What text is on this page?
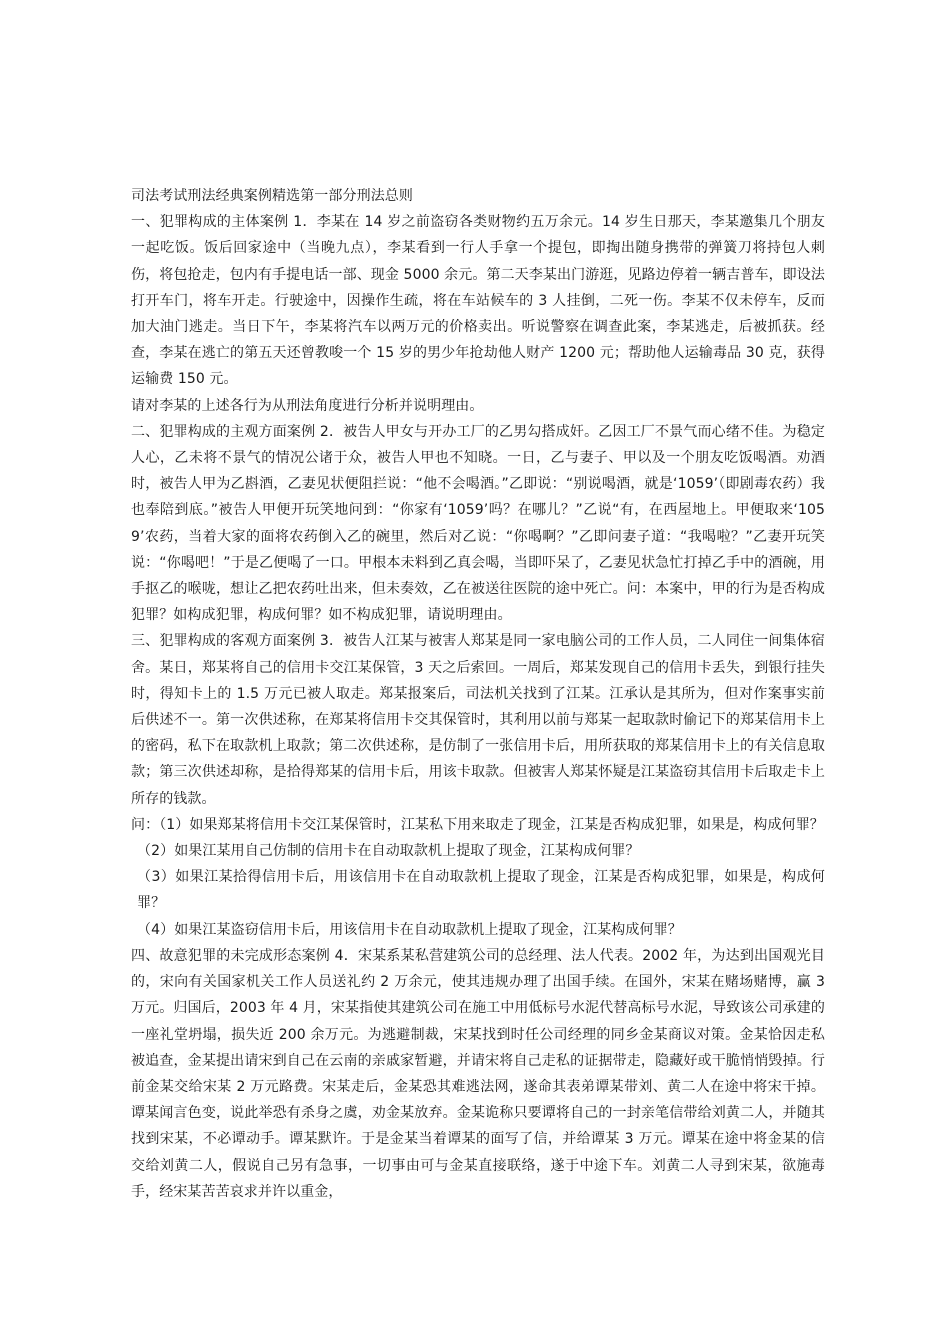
司法考试刑法经典案例精选第一部分刑法总则

一、犯罪构成的主体案例 1．李某在 14 岁之前盗窃各类财物约五万余元。14 岁生日那天，李某邀集几个朋友一起吃饭。饭后回家途中（当晚九点），李某看到一行人手拿一个提包，即掏出随身携带的弹簧刀将持包人刺伤，将包抢走，包内有手提电话一部、现金 5000 余元。第二天李某出门游逛，见路边停着一辆吉普车，即设法打开车门，将车开走。行驶途中，因操作生疏，将在车站候车的 3 人挂倒，二死一伤。李某不仅未停车，反而加大油门逃走。当日下午，李某将汽车以两万元的价格卖出。听说警察在调查此案，李某逃走，后被抓获。经查，李某在逃亡的第五天还曾教唆一个 15 岁的男少年抢劫他人财产 1200 元；帮助他人运输毒品 30 克，获得运输费 150 元。

请对李某的上述各行为从刑法角度进行分析并说明理由。

二、犯罪构成的主观方面案例 2．被告人甲女与开办工厂的乙男勾搭成奸。乙因工厂不景气而心绪不佳。为稳定人心，乙未将不景气的情况公诸于众，被告人甲也不知晓。一日，乙与妻子、甲以及一个朋友吃饭喝酒。劝酒时，被告人甲为乙斟酒，乙妻见状便阻拦说：“他不会喝酒。”乙即说：“别说喝酒，就是‘1059’（即剧毒农药）我也奉陪到底。”被告人甲便开玩笑地问到：“你家有‘1059’吗？在哪儿？”乙说“有，在西屋地上。甲便取来‘1059’农药，当着大家的面将农药倒入乙的碗里，然后对乙说：“你喝啊？”乙即问妻子道：“我喝啦？”乙妻开玩笑说：“你喝吧！”于是乙便喝了一口。甲根本未料到乙真会喝，当即吓呆了，乙妻见状急忙打掉乙手中的酒碗，用手抠乙的喉咙，想让乙把农药吐出来，但未奏效，乙在被送往医院的途中死亡。问：本案中，甲的行为是否构成犯罪？如构成犯罪，构成何罪？如不构成犯罪，请说明理由。

三、犯罪构成的客观方面案例 3．被告人江某与被害人郑某是同一家电脑公司的工作人员，二人同住一间集体宿舍。某日，郑某将自己的信用卡交江某保管，3 天之后索回。一周后，郑某发现自己的信用卡丢失，到银行挂失时，得知卡上的 1.5 万元已被人取走。郑某报案后，司法机关找到了江某。江承认是其所为，但对作案事实前后供述不一。第一次供述称，在郑某将信用卡交其保管时，其利用以前与郑某一起取款时偷记下的郑某信用卡上的密码，私下在取款机上取款；第二次供述称，是仿制了一张信用卡后，用所获取的郑某信用卡上的有关信息取款；第三次供述却称，是拾得郑某的信用卡后，用该卡取款。但被害人郑某怀疑是江某盗窃其信用卡后取走卡上所存的钱款。

问：（1）如果郑某将信用卡交江某保管时，江某私下用来取走了现金，江某是否构成犯罪，如果是，构成何罪？

（2）如果江某用自己仿制的信用卡在自动取款机上提取了现金，江某构成何罪？

（3）如果江某拾得信用卡后，用该信用卡在自动取款机上提取了现金，江某是否构成犯罪，如果是，构成何罪？

（4）如果江某盗窃信用卡后，用该信用卡在自动取款机上提取了现金，江某构成何罪？

四、故意犯罪的未完成形态案例 4．宋某系某私营建筑公司的总经理、法人代表。2002 年，为达到出国观光目的，宋向有关国家机关工作人员送礼约 2 万余元，使其违规办理了出国手续。在国外，宋某在赌场赌博，赢 3 万元。归国后，2003 年 4 月，宋某指使其建筑公司在施工中用低标号水泥代替高标号水泥，导致该公司承建的一座礼堂坍塌，损失近 200 余万元。为逃避制裁，宋某找到时任公司经理的同乡金某商议对策。金某恰因走私被追查，金某提出请宋到自己在云南的亲戚家暂避，并请宋将自己走私的证据带走，隐藏好或干脆悄悄毁掉。行前金某交给宋某 2 万元路费。宋某走后，金某恐其难逃法网，遂命其表弟谭某带刘、黄二人在途中将宋干掉。谭某闻言色变，说此举恐有杀身之虞，劝金某放弃。金某诡称只要谭将自己的一封亲笔信带给刘黄二人，并随其找到宋某，不必谭动手。谭某默许。于是金某当着谭某的面写了信，并给谭某 3 万元。谭某在途中将金某的信交给刘黄二人，假说自己另有急事，一切事由可与金某直接联络，遂于中途下车。刘黄二人寻到宋某，欲施毒手，经宋某苦苦哀求并许以重金，
